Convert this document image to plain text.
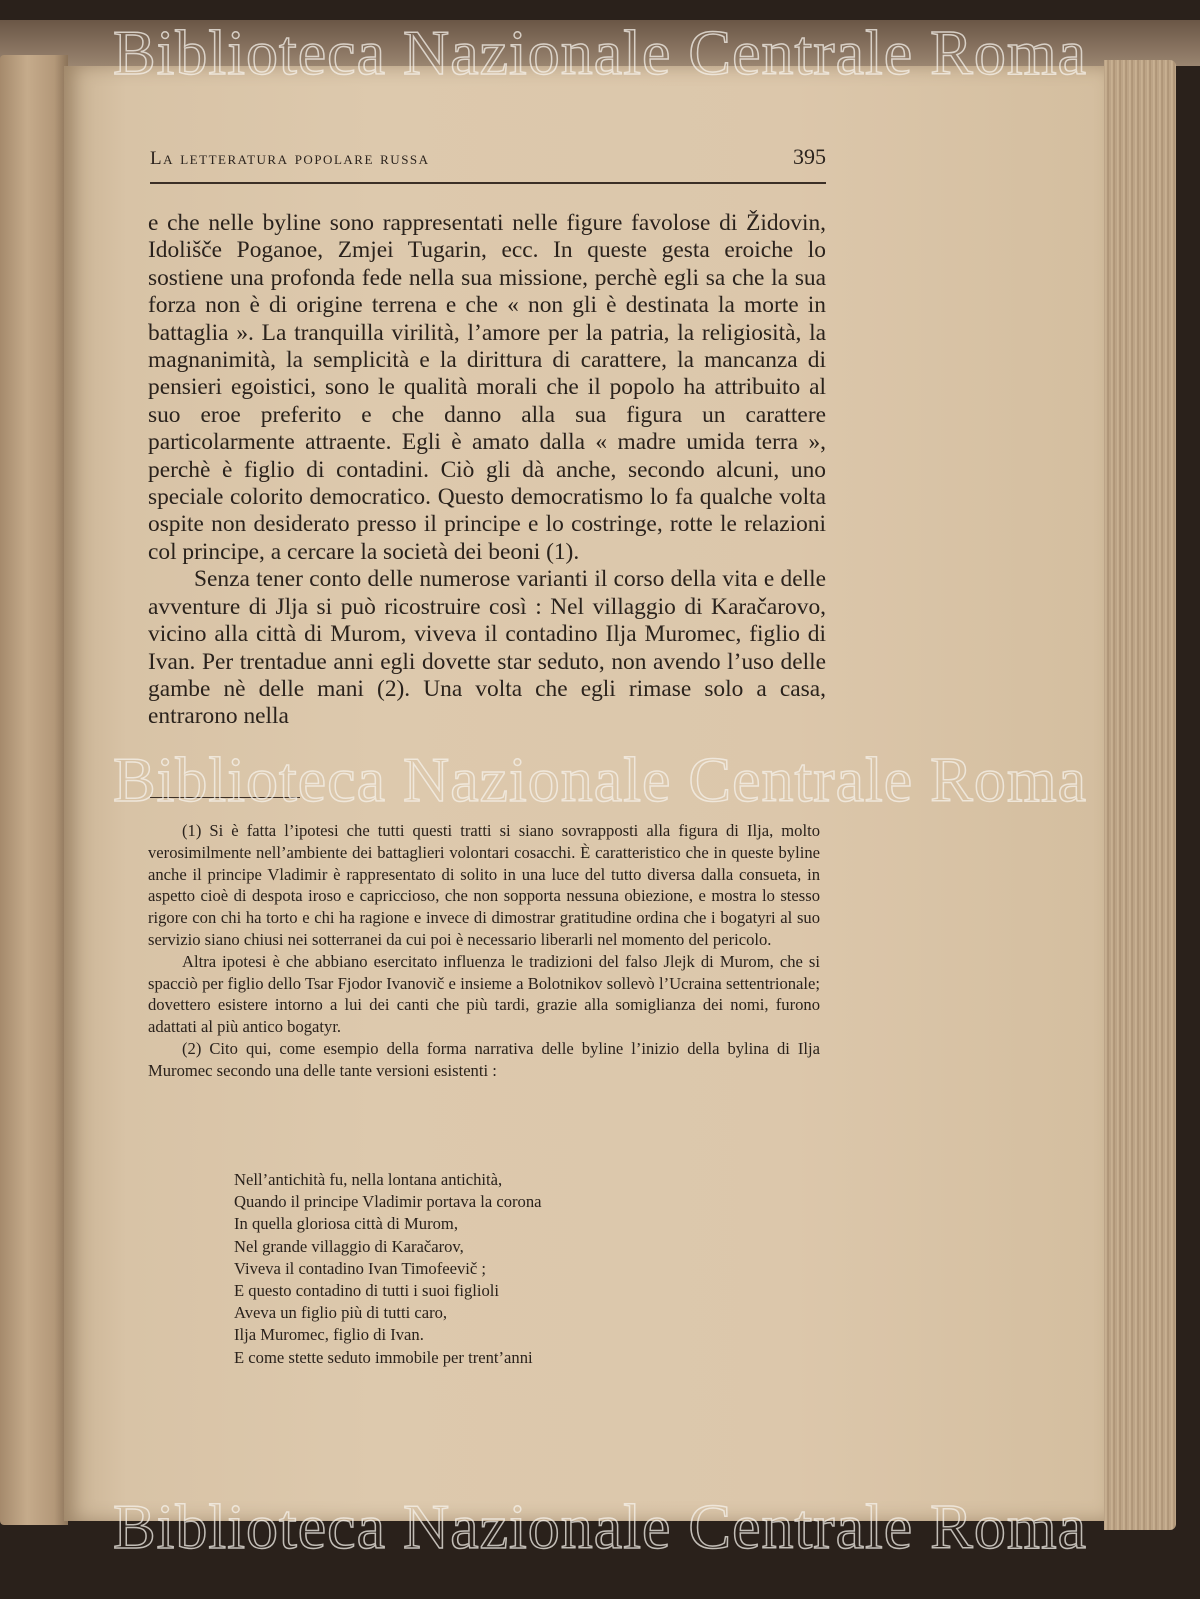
La letteratura popolare russa	395

e che nelle byline sono rappresentati nelle figure favolose di Židovin, Idolišče Poganoe, Zmjei Tugarin, ecc. In queste gesta eroiche lo sostiene una profonda fede nella sua missione, perchè egli sa che la sua forza non è di origine terrena e che « non gli è destinata la morte in battaglia ». La tranquilla virilità, l’amore per la patria, la religiosità, la magnanimità, la semplicità e la dirittura di carattere, la mancanza di pensieri egoistici, sono le qualità morali che il popolo ha attribuito al suo eroe preferito e che danno alla sua figura un carattere particolarmente attraente. Egli è amato dalla « madre umida terra », perchè è figlio di contadini. Ciò gli dà anche, secondo alcuni, uno speciale colorito democratico. Questo democratismo lo fa qualche volta ospite non desiderato presso il principe e lo costringe, rotte le relazioni col principe, a cercare la società dei beoni (1).

Senza tener conto delle numerose varianti il corso della vita e delle avventure di Jlja si può ricostruire così : Nel villaggio di Karačarovo, vicino alla città di Murom, viveva il contadino Ilja Muromec, figlio di Ivan. Per trentadue anni egli dovette star seduto, non avendo l’uso delle gambe nè delle mani (2). Una volta che egli rimase solo a casa, entrarono nella

(1) Si è fatta l’ipotesi che tutti questi tratti si siano sovrapposti alla figura di Ilja, molto verosimilmente nell’ambiente dei battaglieri volontari cosacchi. È caratteristico che in queste byline anche il principe Vladimir è rappresentato di solito in una luce del tutto diversa dalla consueta, in aspetto cioè di despota iroso e capriccioso, che non sopporta nessuna obiezione, e mostra lo stesso rigore con chi ha torto e chi ha ragione e invece di dimostrar gratitudine ordina che i bogatyri al suo servizio siano chiusi nei sotterranei da cui poi è necessario liberarli nel momento del pericolo.

Altra ipotesi è che abbiano esercitato influenza le tradizioni del falso Jlejk di Murom, che si spacciò per figlio dello Tsar Fjodor Ivanovič e insieme a Bolotnikov sollevò l’Ucraina settentrionale; dovettero esistere intorno a lui dei canti che più tardi, grazie alla somiglianza dei nomi, furono adattati al più antico bogatyr.

(2) Cito qui, come esempio della forma narrativa delle byline l’inizio della bylina di Ilja Muromec secondo una delle tante versioni esistenti :

Nell’antichità fu, nella lontana antichità,
Quando il principe Vladimir portava la corona
In quella gloriosa città di Murom,
Nel grande villaggio di Karačarov,
Viveva il contadino Ivan Timofeevič ;
E questo contadino di tutti i suoi figlioli
Aveva un figlio più di tutti caro,
Ilja Muromec, figlio di Ivan.
E come stette seduto immobile per trent’anni
Biblioteca Nazionale Centrale Roma
